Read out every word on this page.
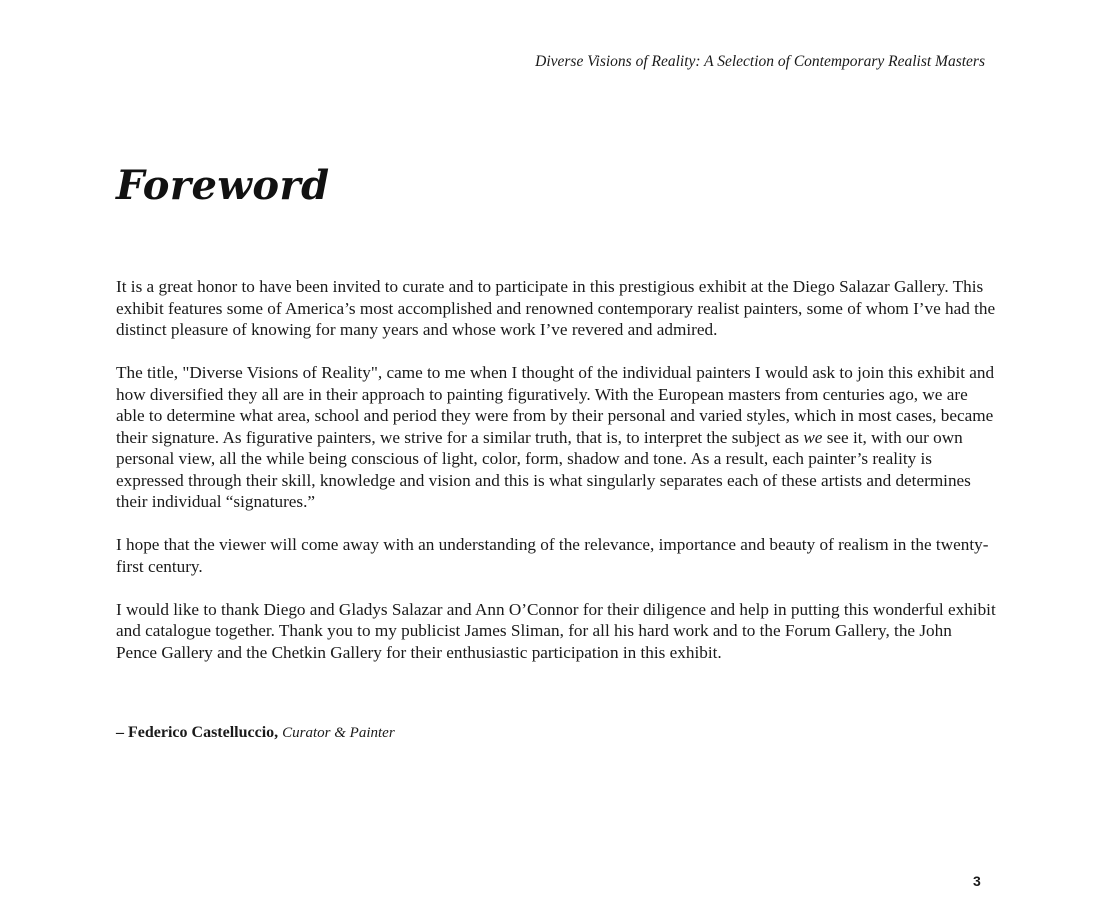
Diverse Visions of Reality: A Selection of Contemporary Realist Masters
Foreword

It is a great honor to have been invited to curate and to participate in this prestigious exhibit at the Diego Salazar Gallery. This exhibit features some of America’s most accomplished and renowned contemporary realist painters, some of whom I’ve had the distinct pleasure of knowing for many years and whose work I’ve revered and admired.

The title, "Diverse Visions of Reality", came to me when I thought of the individual painters I would ask to join this exhibit and how diversified they all are in their approach to painting figuratively. With the European masters from centuries ago, we are able to determine what area, school and period they were from by their personal and varied styles, which in most cases, became their signature. As figurative painters, we strive for a similar truth, that is, to interpret the subject as we see it, with our own personal view, all the while being conscious of light, color, form, shadow and tone. As a result, each painter’s reality is expressed through their skill, knowledge and vision and this is what singularly separates each of these artists and determines their individual “signatures.”

I hope that the viewer will come away with an understanding of the relevance, importance and beauty of realism in the twenty-first century.

I would like to thank Diego and Gladys Salazar and Ann O’Connor for their diligence and help in putting this wonderful exhibit and catalogue together. Thank you to my publicist James Sliman, for all his hard work and to the Forum Gallery, the John Pence Gallery and the Chetkin Gallery for their enthusiastic participation in this exhibit.

– Federico Castelluccio, Curator & Painter
3
